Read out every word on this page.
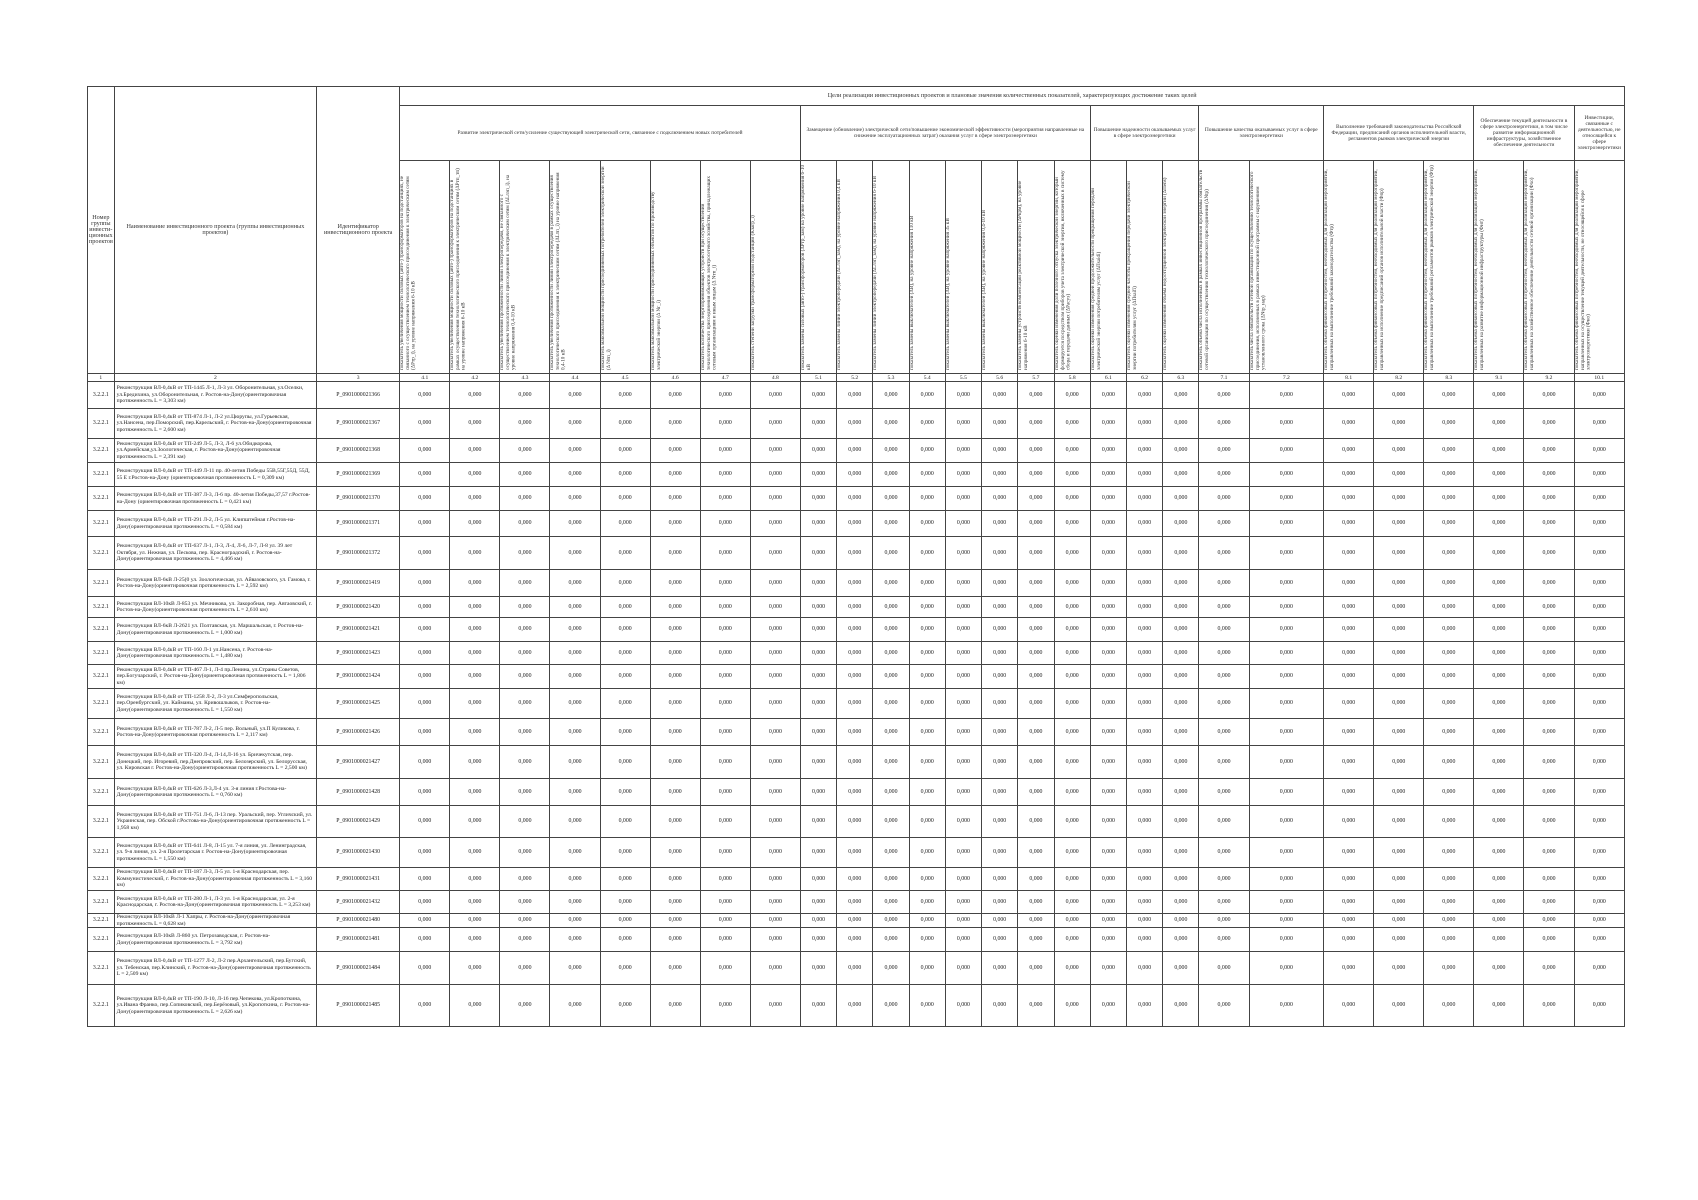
Номер группы инвести-ционных проектов	Наименование инвестиционного проекта (группы инвестиционных проектов)	Идентификатор инвестиционного проекта	Цели реализации инвестиционных проектов и плановые значения количественных показателей, характеризующих достижение таких целей																										
			Развитие электрической сети/усиление существующей электрической сети, связанное с подключением новых потребителей								Замещение (обновление) электрической сети/повышение экономической эффективности (мероприятия направленные на снижение эксплуатационных затрат) оказания услуг в сфере электроэнергетики								Повышение надежности оказываемых услуг в сфере электроэнергетики			Повышение качества оказываемых услуг в сфере электроэнергетики		Выполнение требований законодательства Российской Федерации, предписаний органов исполнительной власти, регламентов рынков электрической энергии			Обеспечение текущей деятельности в сфере электроэнергетики, в том числе развитие информационной инфраструктуры, хозяйственное обеспечение деятельности		Инвестиции, связанные с деятельностью, не относящейся к сфере электроэнергетики

			показатель увеличения мощности силовых (авто-) трансформаторов на подстанциях, не связанного с осуществлением технологического присоединения к электрическим сетям (ΔPтр_i), на уровне напряжения 6-10 кВ	показатель увеличения мощности силовых (авто-) трансформаторов на подстанциях в рамках осуществления технологического присоединения к электрическим сетям (ΔPтп_тп) на уровне напряжения 6-10 кВ	показатель увеличения протяженности линий электропередачи, не связанного с осуществлением технологического присоединения к электрическим сетям (ΔLлэп_i), на уровне напряжения 0,4-10 кВ	показатель увеличения протяженности линий электропередачи в рамках осуществления технологического присоединения к электрическим сетям (ΔLтп_i) на уровне напряжения 0,4-10 кВ	показатель максимальной мощности присоединяемых потребителей электрической энергии (Δ Nтп_i)	показатель максимальной мощности присоединяемых объектов по производству электрической энергии (Δ Nг_i)	показатель количества энергопринимающих устройств при осуществлении технологического присоединения объектов электросетевого хозяйства, принадлежащих сетевым организациям и иным лицам (Δ Nтп_i)	показатель степени загрузки трансформаторной подстанции (Kзагр_i)	показатель замены силовых (авто-) трансформаторов (ΔPтр_зам) на уровне напряжения 6-10 кВ	показатель замены линий электропередачи (ΔLлэп_зам), на уровне напряжения 0,4 кВ	показатель замены линий электропередачи (ΔLлэп_зам), на уровне напряжения 6-10 кВ	показатель замены выключателей (ΔВ), на уровне напряжения 110 кВ	показатель замены выключателей (ΔВ), на уровне напряжения 35 кВ	показатель замены выключателей (ΔВ), на уровне напряжения 0,4-10 кВ	показатель замены устройств компенсации реактивной мощности (ΔPкрм), на уровне напряжения 6-10 кВ	показатель оценки изменения доли полезного отпуска электрической энергии, который формируется посредством приборов учета электрической энергии, включенных в систему сбора и передачи данных (ΔPасуэ)	показатель оценки изменения средней продолжительности прекращения передачи электрической энергии потребителям услуг (ΔПsaidi)	показатель оценки изменения средней частоты прекращения передачи электрической энергии потребителям услуг (ΔПsaifi)	показатель оценки изменения объема недоотпущенной электрической энергии (ΔПens)	показатель объема числа исполненных в рамках инвестиционной программы обязательств сетевой организации по осуществлению технологического присоединения (ΔNtp)	показатель числа обязательств сетевой организации по осуществлению технологического присоединения, исполненных в рамках инвестиционной программы с нарушением установленного срока (ΔNtp_нар)	показатель объема финансовых потребностей, необходимых для реализации мероприятий, направленных на выполнение требований законодательства (Фтр)	показатель объема финансовых потребностей, необходимых для реализации мероприятий, направленных на исполнение предписаний органов исполнительной власти (Фпр)	показатель объема финансовых потребностей, необходимых для реализации мероприятий, направленных на выполнение требований регламентов рынков электрической энергии (Фтр)	показатель объема финансовых потребностей, необходимых для реализации мероприятий, направленных на развитие информационной инфраструктуры (Фит)	показатель объема финансовых потребностей, необходимых для реализации мероприятий, направленных на хозяйственное обеспечение деятельности сетевой организации (Фхо)	показатель объема финансовых потребностей, необходимых для реализации мероприятий, направленных на осуществление текущей деятельности, не относящейся к сфере электроэнергетики (Фно)

1	2	3	4.1	4.2	4.3	4.4	4.5	4.6	4.7	4.8	5.1	5.2	5.3	5.4	5.5	5.6	5.7	5.8	6.1	6.2	6.3	7.1	7.2	8.1	8.2	8.3	9.1	9.2	10.1
3.2.2.1	Реконструкция ВЛ-0,4кВ от ТП-1445 Л-1, Л-3 ул. Оборонительная, ул.Оселки, ул.Бредихина, ул.Оборонительная, г. Ростов-на-Дону(ориентировочная протяженность L = 3,303 км)	P_0901000021366	0,000	0,000	0,000	0,000	0,000	0,000	0,000	0,000	0,000	0,000	0,000	0,000	0,000	0,000	0,000	0,000	0,000	0,000	0,000	0,000	0,000	0,000	0,000	0,000	0,000	0,000	0,000
3.2.2.1	Реконструкция ВЛ-0,4кВ от ТП-874 Л-1, Л-2 ул.Цюрупы, ул.Гурьевская, ул.Нансена, пер.Поморский, пер.Карельский, г. Ростов-на-Дону(ориентировочная протяженность L = 2,600 км)	P_0901000021367	0,000	0,000	0,000	0,000	0,000	0,000	0,000	0,000	0,000	0,000	0,000	0,000	0,000	0,000	0,000	0,000	0,000	0,000	0,000	0,000	0,000	0,000	0,000	0,000	0,000	0,000	0,000
3.2.2.1	Реконструкция ВЛ-0,4кВ от ТП-249 Л-5, Л-3, Л-6 ул.Обидкорова, ул.Армейская,ул.Зоологическая, г. Ростов-на-Дону(ориентировочная протяженность L = 2,391 км)	P_0901000021368	0,000	0,000	0,000	0,000	0,000	0,000	0,000	0,000	0,000	0,000	0,000	0,000	0,000	0,000	0,000	0,000	0,000	0,000	0,000	0,000	0,000	0,000	0,000	0,000	0,000	0,000	0,000
3.2.2.1	Реконструкция ВЛ-0,4кВ от ТП-449 Л-11 пр. 40-летия Победы 55В,55Г,55Д, 55Д, 55 Е г.Ростов-на-Дону (ориентировочная протяженность L = 0,309 км)	P_0901000021369	0,000	0,000	0,000	0,000	0,000	0,000	0,000	0,000	0,000	0,000	0,000	0,000	0,000	0,000	0,000	0,000	0,000	0,000	0,000	0,000	0,000	0,000	0,000	0,000	0,000	0,000	0,000
3.2.2.1	Реконструкция ВЛ-0,4кВ от ТП-387 Л-3, Л-6 пр. 40-летия Победы,37,57 г.Ростов-на-Дону (ориентировочная протяженность L = 0,421 км)	P_0901000021370	0,000	0,000	0,000	0,000	0,000	0,000	0,000	0,000	0,000	0,000	0,000	0,000	0,000	0,000	0,000	0,000	0,000	0,000	0,000	0,000	0,000	0,000	0,000	0,000	0,000	0,000	0,000
3.2.2.1	Реконструкция ВЛ-0,4кВ от ТП-291 Л-2, Л-5 ул. Клипштейная г.Ростов-на-Дону(ориентировочная протяженность L = 0,584 км)	P_0901000021371	0,000	0,000	0,000	0,000	0,000	0,000	0,000	0,000	0,000	0,000	0,000	0,000	0,000	0,000	0,000	0,000	0,000	0,000	0,000	0,000	0,000	0,000	0,000	0,000	0,000	0,000	0,000
3.2.2.1	Реконструкция ВЛ-0,4кВ от ТП-637 Л-1, Л-3, Л-4, Л-6, Л-7, Л-8 ул. 39 лет Октября, ул. Нежная, ул. Пескова, пер. Красноградский, г. Ростов-на-Дону(ориентировочная протяженность L = 4,466 км)	P_0901000021372	0,000	0,000	0,000	0,000	0,000	0,000	0,000	0,000	0,000	0,000	0,000	0,000	0,000	0,000	0,000	0,000	0,000	0,000	0,000	0,000	0,000	0,000	0,000	0,000	0,000	0,000	0,000
3.2.2.1	Реконструкция ВЛ-6кВ Л-25(0 ул. Зоологическая, ул. Айвазовского, ул. Гамова, г. Ростов-на-Дону(ориентировочная протяженность L = 2,592 км)	P_0901000021419	0,000	0,000	0,000	0,000	0,000	0,000	0,000	0,000	0,000	0,000	0,000	0,000	0,000	0,000	0,000	0,000	0,000	0,000	0,000	0,000	0,000	0,000	0,000	0,000	0,000	0,000	0,000
3.2.2.1	Реконструкция ВЛ-10кВ Л-853 ул. Мечникова, ул. Закоробная, пер. Автаовский, г. Ростов-на-Дону(ориентировочная протяженность L = 2,610 км)	P_0901000021420	0,000	0,000	0,000	0,000	0,000	0,000	0,000	0,000	0,000	0,000	0,000	0,000	0,000	0,000	0,000	0,000	0,000	0,000	0,000	0,000	0,000	0,000	0,000	0,000	0,000	0,000	0,000
3.2.2.1	Реконструкция ВЛ-6кВ Л-2621 ул. Полтавская, ул. Маршальская, г. Ростов-на-Дону(ориентировочная протяженность L = 1,000 км)	P_0901000021421	0,000	0,000	0,000	0,000	0,000	0,000	0,000	0,000	0,000	0,000	0,000	0,000	0,000	0,000	0,000	0,000	0,000	0,000	0,000	0,000	0,000	0,000	0,000	0,000	0,000	0,000	0,000
3.2.2.1	Реконструкция ВЛ-0,4кВ от ТП-160 Л-1 ул.Нансена, г. Ростов-на-Дону(ориентировочная протяженность L = 1,480 км)	P_0901000021423	0,000	0,000	0,000	0,000	0,000	0,000	0,000	0,000	0,000	0,000	0,000	0,000	0,000	0,000	0,000	0,000	0,000	0,000	0,000	0,000	0,000	0,000	0,000	0,000	0,000	0,000	0,000
3.2.2.1	Реконструкция ВЛ-0,4кВ от ТП-467 Л-1, Л-4 пр.Ленина, ул.Страны Советов, пер.Богучарский, г. Ростов-на-Дону(ориентировочная протяженность L = 1,806 км)	P_0901000021424	0,000	0,000	0,000	0,000	0,000	0,000	0,000	0,000	0,000	0,000	0,000	0,000	0,000	0,000	0,000	0,000	0,000	0,000	0,000	0,000	0,000	0,000	0,000	0,000	0,000	0,000	0,000
3.2.2.1	Реконструкция ВЛ-0,4кВ от ТП-1258 Л-2, Л-3 ул.Симферопольская, пер.Оренбургский, ул. Кайманы, ул. Кривошлыков, г. Ростов-на-Дону(ориентировочная протяженность L = 1,550 км)	P_0901000021425	0,000	0,000	0,000	0,000	0,000	0,000	0,000	0,000	0,000	0,000	0,000	0,000	0,000	0,000	0,000	0,000	0,000	0,000	0,000	0,000	0,000	0,000	0,000	0,000	0,000	0,000	0,000
3.2.2.1	Реконструкция ВЛ-0,4кВ от ТП-787 Л-2, Л-5 пер. Вольный, ул.П Куликова, г. Ростов-на-Дону(ориентировочная протяженность L = 2,117 км)	P_0901000021426	0,000	0,000	0,000	0,000	0,000	0,000	0,000	0,000	0,000	0,000	0,000	0,000	0,000	0,000	0,000	0,000	0,000	0,000	0,000	0,000	0,000	0,000	0,000	0,000	0,000	0,000	0,000
3.2.2.1	Реконструкция ВЛ-0,4кВ от ТП-320 Л-4, Л-14,Л-16 ул. Бричекутская, пер. Донецкий, пер. Игоревий, пер.Днепровский, пер. Белозерский, ул. Белорусская, ул. Кировская г. Ростов-на-Дону(ориентировочная протяженность L = 2,500 км)	P_0901000021427	0,000	0,000	0,000	0,000	0,000	0,000	0,000	0,000	0,000	0,000	0,000	0,000	0,000	0,000	0,000	0,000	0,000	0,000	0,000	0,000	0,000	0,000	0,000	0,000	0,000	0,000	0,000
3.2.2.1	Реконструкция ВЛ-0,4кВ от ТП-626 Л-3,Л-4 ул. 3-я линия г.Ростова-на-Дону(ориентировочная протяженность L = 0,760 км)	P_0901000021428	0,000	0,000	0,000	0,000	0,000	0,000	0,000	0,000	0,000	0,000	0,000	0,000	0,000	0,000	0,000	0,000	0,000	0,000	0,000	0,000	0,000	0,000	0,000	0,000	0,000	0,000	0,000
3.2.2.1	Реконструкция ВЛ-0,4кВ от ТП-751 Л-6, Л-13 пер. Уральский, пер. Угличский, ул. Украинская, пер. Обской г.Ростова-на-Дону(ориентировочная протяженность L = 1,958 км)	P_0901000021429	0,000	0,000	0,000	0,000	0,000	0,000	0,000	0,000	0,000	0,000	0,000	0,000	0,000	0,000	0,000	0,000	0,000	0,000	0,000	0,000	0,000	0,000	0,000	0,000	0,000	0,000	0,000
3.2.2.1	Реконструкция ВЛ-0,4кВ от ТП-641 Л-8, Л-15 ул. 7-я линия, ул. Ленинградская, ул. 9-я линия, ул. 2-я Пролетарская г. Ростов-на-Дону(ориентировочная протяженность L = 1,550 км)	P_0901000021430	0,000	0,000	0,000	0,000	0,000	0,000	0,000	0,000	0,000	0,000	0,000	0,000	0,000	0,000	0,000	0,000	0,000	0,000	0,000	0,000	0,000	0,000	0,000	0,000	0,000	0,000	0,000
3.2.2.1	Реконструкция ВЛ-0,4кВ от ТП-187 Л-3, Л-5 ул. 1-я Краснодарская, пер. Коммунистический, г. Ростов-на-Дону(ориентировочная протяженность L = 3,160 км)	P_0901000021431	0,000	0,000	0,000	0,000	0,000	0,000	0,000	0,000	0,000	0,000	0,000	0,000	0,000	0,000	0,000	0,000	0,000	0,000	0,000	0,000	0,000	0,000	0,000	0,000	0,000	0,000	0,000
3.2.2.1	Реконструкция ВЛ-0,4кВ от ТП-280 Л-1, Л-3 ул. 1-я Краснодарская, ул. 2-я Краснодарская, г. Ростов-на-Дону(ориентировочная протяженность L = 3,253 км)	P_0901000021432	0,000	0,000	0,000	0,000	0,000	0,000	0,000	0,000	0,000	0,000	0,000	0,000	0,000	0,000	0,000	0,000	0,000	0,000	0,000	0,000	0,000	0,000	0,000	0,000	0,000	0,000	0,000
3.2.2.1	Реконструкция ВЛ-10кВ Л-1 Хапры, г. Ростов-на-Дону(ориентировочная протяженность L = 0,628 км)	P_0901000021480	0,000	0,000	0,000	0,000	0,000	0,000	0,000	0,000	0,000	0,000	0,000	0,000	0,000	0,000	0,000	0,000	0,000	0,000	0,000	0,000	0,000	0,000	0,000	0,000	0,000	0,000	0,000
3.2.2.1	Реконструкция ВЛ-10кВ Л-860 ул. Петрозаводская, г. Ростов-на-Дону(ориентировочная протяженность L = 3,792 км)	P_0901000021481	0,000	0,000	0,000	0,000	0,000	0,000	0,000	0,000	0,000	0,000	0,000	0,000	0,000	0,000	0,000	0,000	0,000	0,000	0,000	0,000	0,000	0,000	0,000	0,000	0,000	0,000	0,000
3.2.2.1	Реконструкция ВЛ-0,4кВ от ТП-1277 Л-2, Л-2 пер.Архангельский, пер.Бугский, ул. Тебенская, пер.Клинский, г. Ростов-на-Дону(ориентировочная протяженность L = 2,509 км)	P_0901000021484	0,000	0,000	0,000	0,000	0,000	0,000	0,000	0,000	0,000	0,000	0,000	0,000	0,000	0,000	0,000	0,000	0,000	0,000	0,000	0,000	0,000	0,000	0,000	0,000	0,000	0,000	0,000
3.2.2.1	Реконструкция ВЛ-0,4кВ от ТП-190 Л-10, Л-16 пер.Чепекова, ул.Кропоткина, ул.Ивана Франко, пер.Сопиковский, пер.Берёзовый, ул.Кропоткина, г. Ростов-на-Дону(ориентировочная протяженность L = 2,626 км)	P_0901000021485	0,000	0,000	0,000	0,000	0,000	0,000	0,000	0,000	0,000	0,000	0,000	0,000	0,000	0,000	0,000	0,000	0,000	0,000	0,000	0,000	0,000	0,000	0,000	0,000	0,000	0,000	0,000
